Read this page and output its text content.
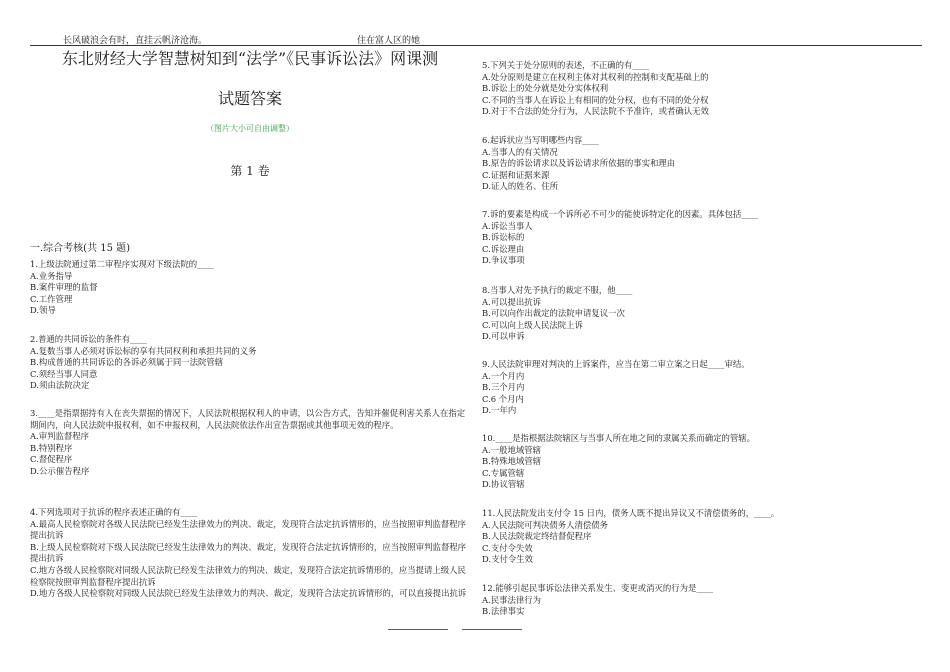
长风破浪会有时，直挂云帆济沧海。	住在富人区的她
东北财经大学智慧树知到“法学”《民事诉讼法》网课测
试题答案
（图片大小可自由调整）
第 1 卷
一.综合考核(共 15 题)
1.上级法院通过第二审程序实现对下级法院的____
A.业务指导
B.案件审理的监督
C.工作管理
D.领导
2.普通的共同诉讼的条件有____
A.复数当事人必须对诉讼标的享有共同权利和承担共同的义务
B.构成普通的共同诉讼的各诉必须属于同一法院管辖
C.须经当事人同意
D.须由法院决定
3.____是指票据持有人在丧失票据的情况下，人民法院根据权利人的申请，以公告方式，告知并催促利害关系人在指定期间内，向人民法院申报权利，如不申报权利，人民法院依法作出宣告票据或其他事项无效的程序。
A.审判监督程序
B.特别程序
C.督促程序
D.公示催告程序
4.下列选项对于抗诉的程序表述正确的有____
A.最高人民检察院对各级人民法院已经发生法律效力的判决、裁定，发现符合法定抗诉情形的，应当按照审判监督程序提出抗诉
B.上级人民检察院对下级人民法院已经发生法律效力的判决、裁定，发现符合法定抗诉情形的，应当按照审判监督程序提出抗诉
C.地方各级人民检察院对同级人民法院已经发生法律效力的判决、裁定，发现符合法定抗诉情形的，应当提请上级人民检察院按照审判监督程序提出抗诉
D.地方各级人民检察院对同级人民法院已经发生法律效力的判决、裁定，发现符合法定抗诉情形的，可以直接提出抗诉
5.下列关于处分原则的表述，不正确的有____
A.处分原则是建立在权利主体对其权利的控制和支配基础上的
B.诉讼上的处分就是处分实体权利
C.不同的当事人在诉讼上有相同的处分权，也有不同的处分权
D.对于不合法的处分行为，人民法院不予准许，或者确认无效
6.起诉状应当写明哪些内容____
A.当事人的有关情况
B.原告的诉讼请求以及诉讼请求所依据的事实和理由
C.证据和证据来源
D.证人的姓名、住所
7.诉的要素是构成一个诉所必不可少的能使诉特定化的因素。具体包括____
A.诉讼当事人
B.诉讼标的
C.诉讼理由
D.争议事项
8.当事人对先予执行的裁定不服，他____
A.可以提出抗诉
B.可以向作出裁定的法院申请复议一次
C.可以向上级人民法院上诉
D.可以申诉
9.人民法院审理对判决的上诉案件，应当在第二审立案之日起____审结。
A.一个月内
B.三个月内
C.6 个月内
D.一年内
10.____是指根据法院辖区与当事人所在地之间的隶属关系而确定的管辖。
A.一般地域管辖
B.特殊地域管辖
C.专属管辖
D.协议管辖
11.人民法院发出支付令 15 日内，债务人既不提出异议又不清偿债务的，____。
A.人民法院可判决债务人清偿债务
B.人民法院裁定终结督促程序
C.支付令失效
D.支付令生效
12.能够引起民事诉讼法律关系发生、变更或消灭的行为是____
A.民事法律行为
B.法律事实
